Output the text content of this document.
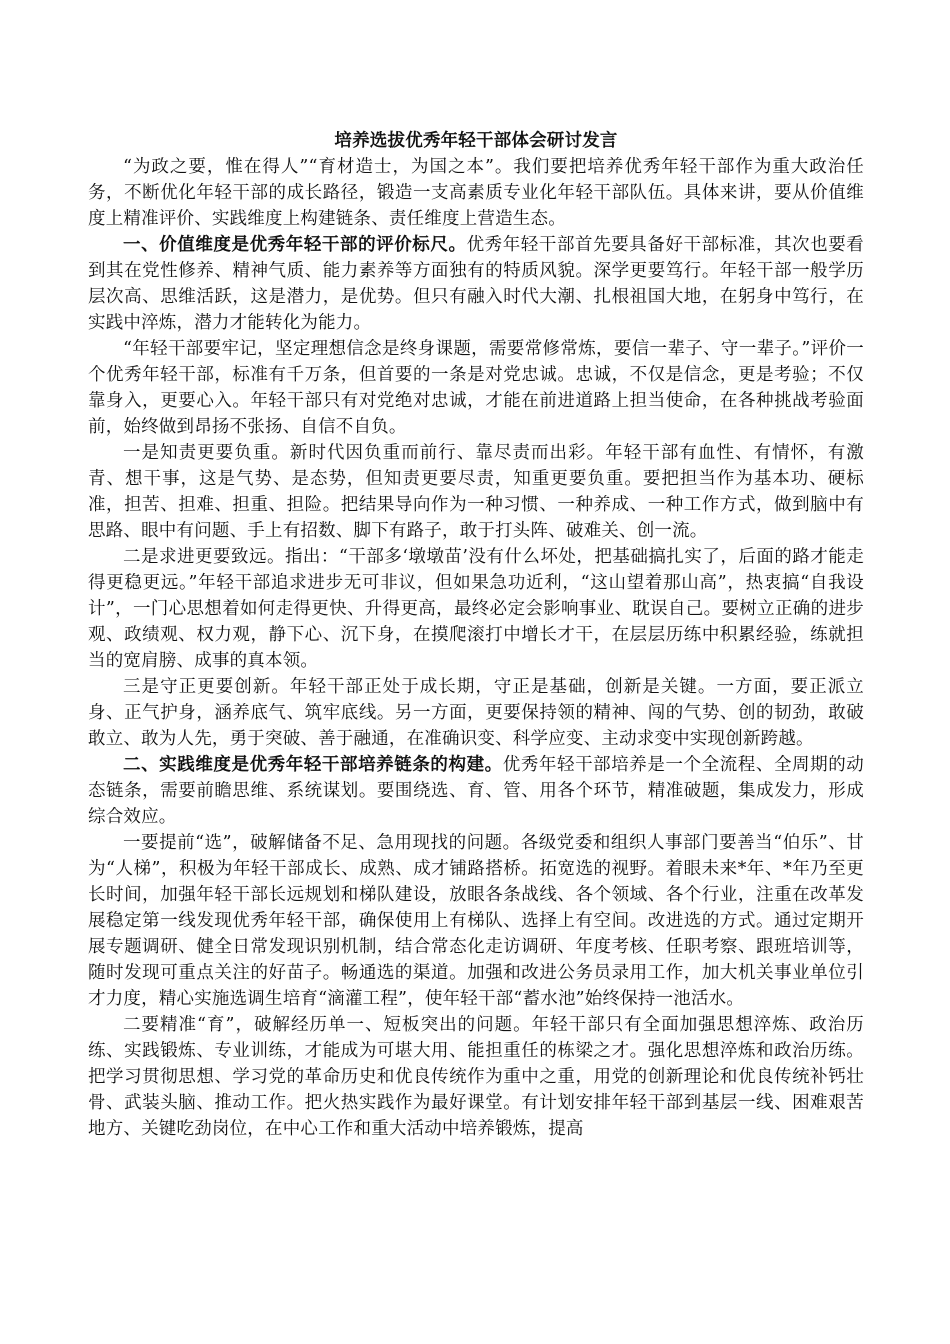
培养选拔优秀年轻干部体会研讨发言

“为政之要，惟在得人”“育材造士，为国之本”。我们要把培养优秀年轻干部作为重大政治任务，不断优化年轻干部的成长路径，锻造一支高素质专业化年轻干部队伍。具体来讲，要从价值维度上精准评价、实践维度上构建链条、责任维度上营造生态。

一、价值维度是优秀年轻干部的评价标尺。优秀年轻干部首先要具备好干部标准，其次也要看到其在党性修养、精神气质、能力素养等方面独有的特质风貌。深学更要笃行。年轻干部一般学历层次高、思维活跃，这是潜力，是优势。但只有融入时代大潮、扎根祖国大地，在躬身中笃行，在实践中淬炼，潜力才能转化为能力。

“年轻干部要牢记，坚定理想信念是终身课题，需要常修常炼，要信一辈子、守一辈子。”评价一个优秀年轻干部，标准有千万条，但首要的一条是对党忠诚。忠诚，不仅是信念，更是考验；不仅靠身入，更要心入。年轻干部只有对党绝对忠诚，才能在前进道路上担当使命，在各种挑战考验面前，始终做到昂扬不张扬、自信不自负。

一是知责更要负重。新时代因负重而前行、靠尽责而出彩。年轻干部有血性、有情怀，有激青、想干事，这是气势、是态势，但知责更要尽责，知重更要负重。要把担当作为基本功、硬标准，担苦、担难、担重、担险。把结果导向作为一种习惯、一种养成、一种工作方式，做到脑中有思路、眼中有问题、手上有招数、脚下有路子，敢于打头阵、破难关、创一流。

二是求进更要致远。指出：“干部多‘墩墩苗’没有什么坏处，把基础搞扎实了，后面的路才能走得更稳更远。”年轻干部追求进步无可非议，但如果急功近利，“这山望着那山高”，热衷搞“自我设计”，一门心思想着如何走得更快、升得更高，最终必定会影响事业、耽误自己。要树立正确的进步观、政绩观、权力观，静下心、沉下身，在摸爬滚打中增长才干，在层层历练中积累经验，练就担当的宽肩膀、成事的真本领。

三是守正更要创新。年轻干部正处于成长期，守正是基础，创新是关键。一方面，要正派立身、正气护身，涵养底气、筑牢底线。另一方面，更要保持领的精神、闯的气势、创的韧劲，敢破敢立、敢为人先，勇于突破、善于融通，在准确识变、科学应变、主动求变中实现创新跨越。

二、实践维度是优秀年轻干部培养链条的构建。优秀年轻干部培养是一个全流程、全周期的动态链条，需要前瞻思维、系统谋划。要围绕选、育、管、用各个环节，精准破题，集成发力，形成综合效应。

一要提前“选”，破解储备不足、急用现找的问题。各级党委和组织人事部门要善当“伯乐”、甘为“人梯”，积极为年轻干部成长、成熟、成才铺路搭桥。拓宽选的视野。着眼未来*年、*年乃至更长时间，加强年轻干部长远规划和梯队建设，放眼各条战线、各个领域、各个行业，注重在改革发展稳定第一线发现优秀年轻干部，确保使用上有梯队、选择上有空间。改进选的方式。通过定期开展专题调研、健全日常发现识别机制，结合常态化走访调研、年度考核、任职考察、跟班培训等，随时发现可重点关注的好苗子。畅通选的渠道。加强和改进公务员录用工作，加大机关事业单位引才力度，精心实施选调生培育“滴灌工程”，使年轻干部“蓄水池”始终保持一池活水。

二要精准“育”，破解经历单一、短板突出的问题。年轻干部只有全面加强思想淬炼、政治历练、实践锻炼、专业训练，才能成为可堪大用、能担重任的栋梁之才。强化思想淬炼和政治历练。把学习贯彻思想、学习党的革命历史和优良传统作为重中之重，用党的创新理论和优良传统补钙壮骨、武装头脑、推动工作。把火热实践作为最好课堂。有计划安排年轻干部到基层一线、困难艰苦地方、关键吃劲岗位，在中心工作和重大活动中培养锻炼，提高
